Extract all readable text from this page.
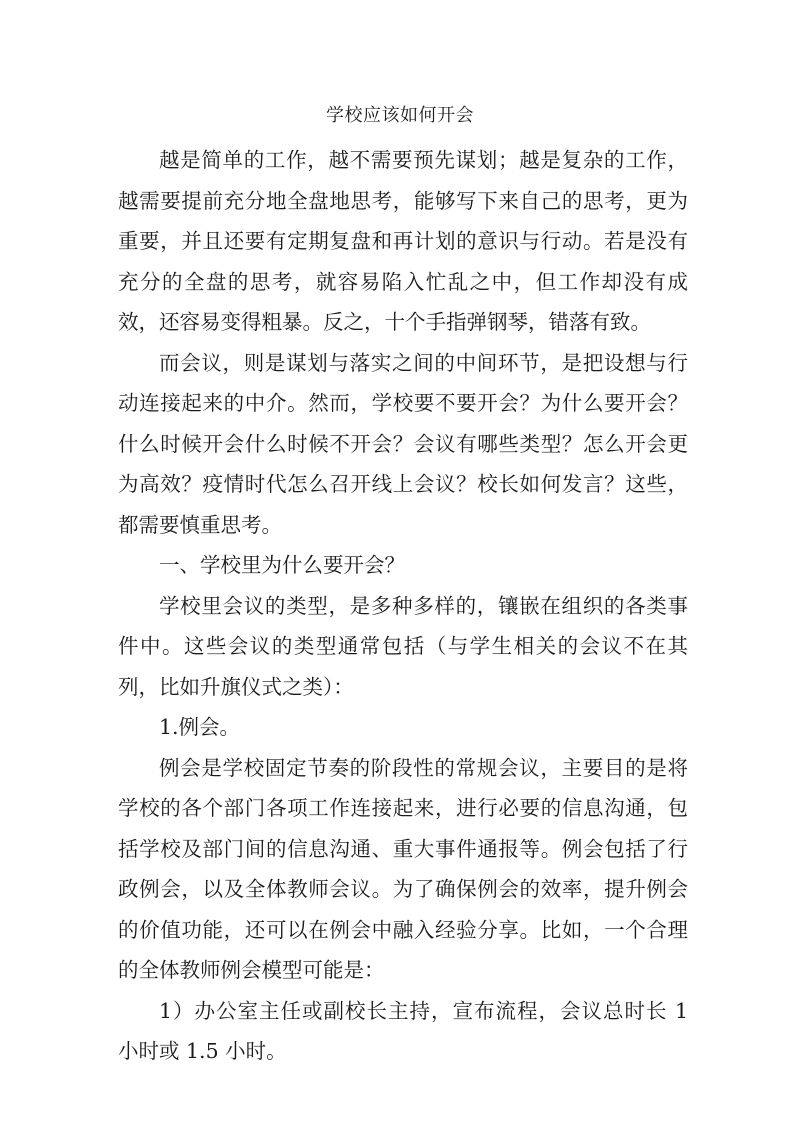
学校应该如何开会

越是简单的工作，越不需要预先谋划；越是复杂的工作，越需要提前充分地全盘地思考，能够写下来自己的思考，更为重要，并且还要有定期复盘和再计划的意识与行动。若是没有充分的全盘的思考，就容易陷入忙乱之中，但工作却没有成效，还容易变得粗暴。反之，十个手指弹钢琴，错落有致。

而会议，则是谋划与落实之间的中间环节，是把设想与行动连接起来的中介。然而，学校要不要开会？为什么要开会？什么时候开会什么时候不开会？会议有哪些类型？怎么开会更为高效？疫情时代怎么召开线上会议？校长如何发言？这些，都需要慎重思考。

一、学校里为什么要开会？

学校里会议的类型，是多种多样的，镶嵌在组织的各类事件中。这些会议的类型通常包括（与学生相关的会议不在其列，比如升旗仪式之类）：

1.例会。

例会是学校固定节奏的阶段性的常规会议，主要目的是将学校的各个部门各项工作连接起来，进行必要的信息沟通，包括学校及部门间的信息沟通、重大事件通报等。例会包括了行政例会，以及全体教师会议。为了确保例会的效率，提升例会的价值功能，还可以在例会中融入经验分享。比如，一个合理的全体教师例会模型可能是：

1）办公室主任或副校长主持，宣布流程，会议总时长 1 小时或 1.5 小时。
